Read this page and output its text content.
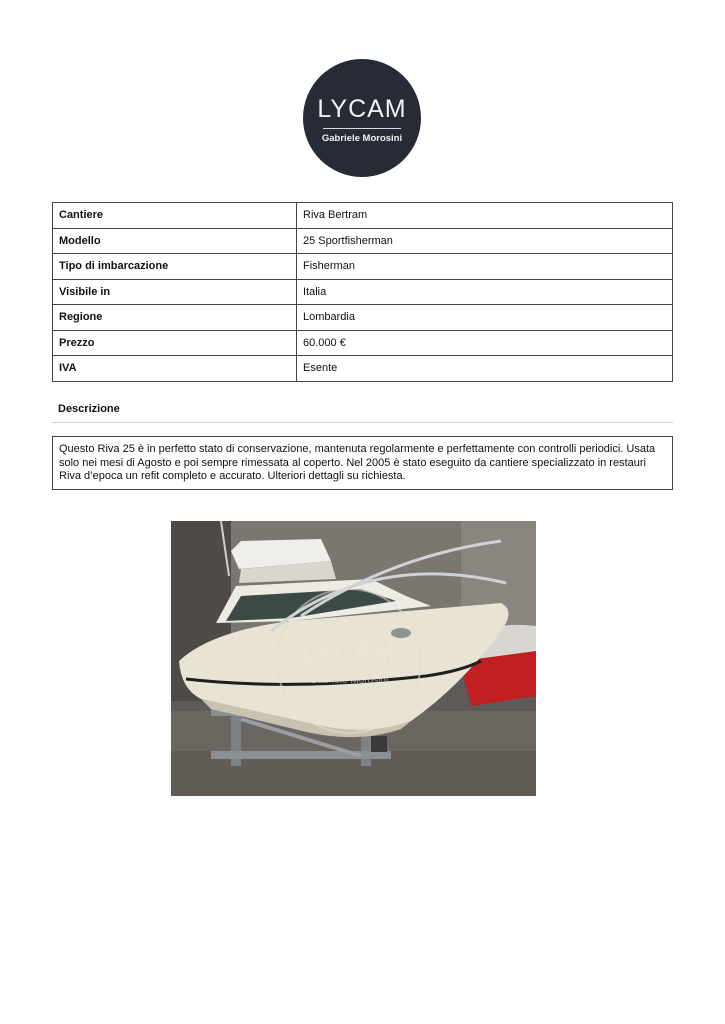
LYCAM
Gabriele Morosini
Cantiere	Riva Bertram
Modello	25 Sportfisherman
Tipo di imbarcazione	Fisherman
Visibile in	Italia
Regione	Lombardia
Prezzo	60.000 €
IVA	Esente
Descrizione
Questo Riva 25 è in perfetto stato di conservazione, mantenuta regolarmente e perfettamente con controlli periodici. Usata solo nei mesi di Agosto e poi sempre rimessata al coperto. Nel 2005 è stato eseguito da cantiere specializzato in restauri Riva d’epoca un refit completo e accurato. Ulteriori dettagli su richiesta.
LYCAM
Gabriele Morosini
